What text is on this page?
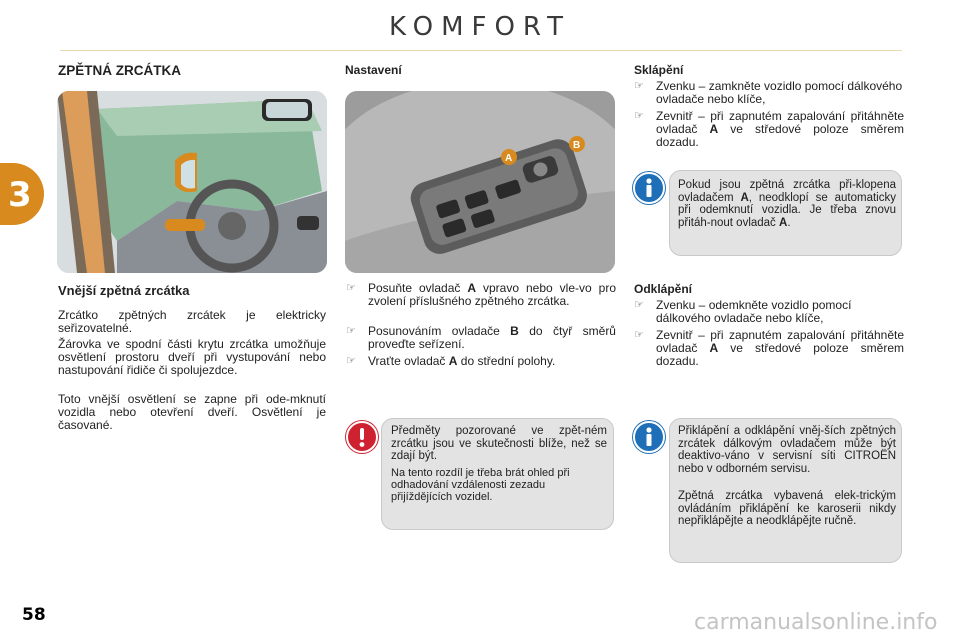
KOMFORT
3
ZPĚTNÁ ZRCÁTKA
Vnější zpětná zrcátka
Zrcátko zpětných zrcátek je elektricky seřizovatelné.
Žárovka ve spodní části krytu zrcátka umožňuje osvětlení prostoru dveří při vystupování nebo nastupování řidiče či spolujezdce.
Toto vnější osvětlení se zapne při ode-mknutí vozidla nebo otevření dveří. Osvětlení je časované.
Nastavení
A
B
☞	Posuňte ovladač A vpravo nebo vle-vo pro zvolení příslušného zpětného zrcátka.
☞	Posunováním ovladače B do čtyř směrů proveďte seřízení.
☞	Vraťte ovladač A do střední polohy.
Předměty pozorované ve zpět-ném zrcátku jsou ve skutečnosti blíže, než se zdají být.
Na tento rozdíl je třeba brát ohled při odhadování vzdálenosti zezadu přijíždějících vozidel.
Sklápění
☞	Zvenku – zamkněte vozidlo pomocí dálkového ovladače nebo klíče,
☞	Zevnitř – při zapnutém zapalování přitáhněte ovladač A ve středové poloze směrem dozadu.
Pokud jsou zpětná zrcátka při-klopena ovladačem A, neodklopí se automaticky při odemknutí vozidla. Je třeba znovu přitáh-nout ovladač A.
Odklápění
☞	Zvenku – odemkněte vozidlo pomocí dálkového ovladače nebo klíče,
☞	Zevnitř – při zapnutém zapalování přitáhněte ovladač A ve středové poloze směrem dozadu.
Přiklápění a odklápění vněj-ších zpětných zrcátek dálkovým ovladačem může být deaktivo-váno v servisní síti CITROËN nebo v odborném servisu.
Zpětná zrcátka vybavená elek-trickým ovládáním přiklápění ke karoserii nikdy nepřiklápějte a neodklápějte ručně.
58	carmanualsonline.info
